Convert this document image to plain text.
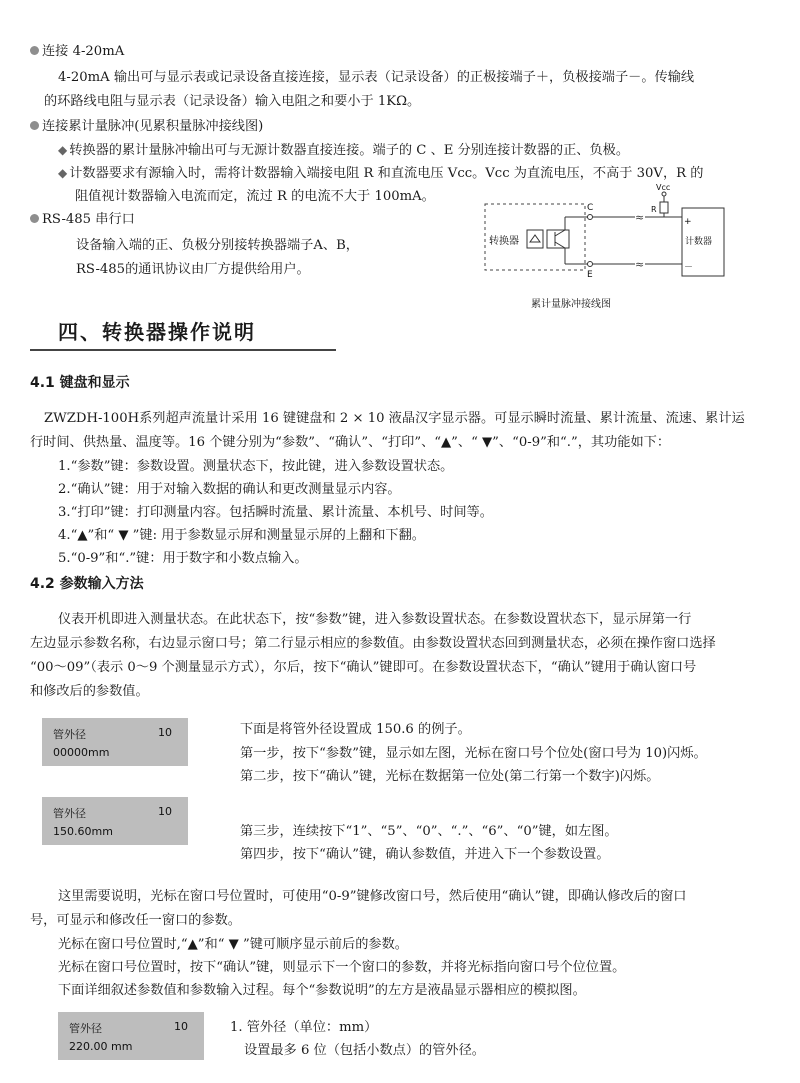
连接 4-20mA
4-20mA 输出可与显示表或记录设备直接连接，显示表（记录设备）的正极接端子＋，负极接端子－。传输线
的环路线电阻与显示表（记录设备）输入电阻之和要小于 1KΩ。
连接累计量脉冲(见累积量脉冲接线图)
◆ 转换器的累计量脉冲输出可与无源计数器直接连接。端子的 C 、E 分别连接计数器的正、负极。
◆ 计数器要求有源输入时，需将计数器输入端接电阻 R 和直流电压 Vcc。Vcc 为直流电压，不高于 30V，R 的
阻值视计数器输入电流而定，流过 R 的电流不大于 100mA。
RS-485 串行口
设备输入端的正、负极分别接转换器端子A、B，
RS-485的通讯协议由厂方提供给用户。
转换器
C
E
≈
≈
Vcc
R
+
－
计数器
累计量脉冲接线图
四、转换器操作说明
4.1 键盘和显示
ZWZDH-100H系列超声流量计采用 16 键键盘和 2 × 10 液晶汉字显示器。可显示瞬时流量、累计流量、流速、累计运
行时间、供热量、温度等。16 个键分别为“参数”、“确认”、“打印”、“▲”、“ ▼”、“0-9”和“.”，其功能如下：
1.“参数”键：参数设置。测量状态下，按此键，进入参数设置状态。
2.“确认”键：用于对输入数据的确认和更改测量显示内容。
3.“打印”键：打印测量内容。包括瞬时流量、累计流量、本机号、时间等。
4.“▲”和“ ▼ ”键: 用于参数显示屏和测量显示屏的上翻和下翻。
5.“0-9”和“.”键：用于数字和小数点输入。
4.2 参数输入方法
仪表开机即进入测量状态。在此状态下，按“参数”键，进入参数设置状态。在参数设置状态下，显示屏第一行
左边显示参数名称，右边显示窗口号；第二行显示相应的参数值。由参数设置状态回到测量状态，必须在操作窗口选择
“00～09”（表示 0～9 个测量显示方式），尔后，按下“确认”键即可。在参数设置状态下，“确认”键用于确认窗口号
和修改后的参数值。
管外径	10
00000mm
下面是将管外径设置成 150.6 的例子。
第一步，按下“参数”键，显示如左图，光标在窗口号个位处(窗口号为 10)闪烁。
第二步，按下“确认”键，光标在数据第一位处(第二行第一个数字)闪烁。
管外径	10
150.60mm	第三步，连续按下“1”、“5”、“0”、“.”、“6”、“0”键，如左图。
第四步，按下“确认”键，确认参数值，并进入下一个参数设置。
这里需要说明，光标在窗口号位置时，可使用“0-9”键修改窗口号，然后使用“确认”键，即确认修改后的窗口
号，可显示和修改任一窗口的参数。
光标在窗口号位置时,“▲”和“ ▼ ”键可顺序显示前后的参数。
光标在窗口号位置时，按下“确认”键，则显示下一个窗口的参数，并将光标指向窗口号个位位置。
下面详细叙述参数值和参数输入过程。每个“参数说明”的左方是液晶显示器相应的模拟图。
管外径	10
220.00 mm
1. 管外径（单位：mm）
设置最多 6 位（包括小数点）的管外径。
